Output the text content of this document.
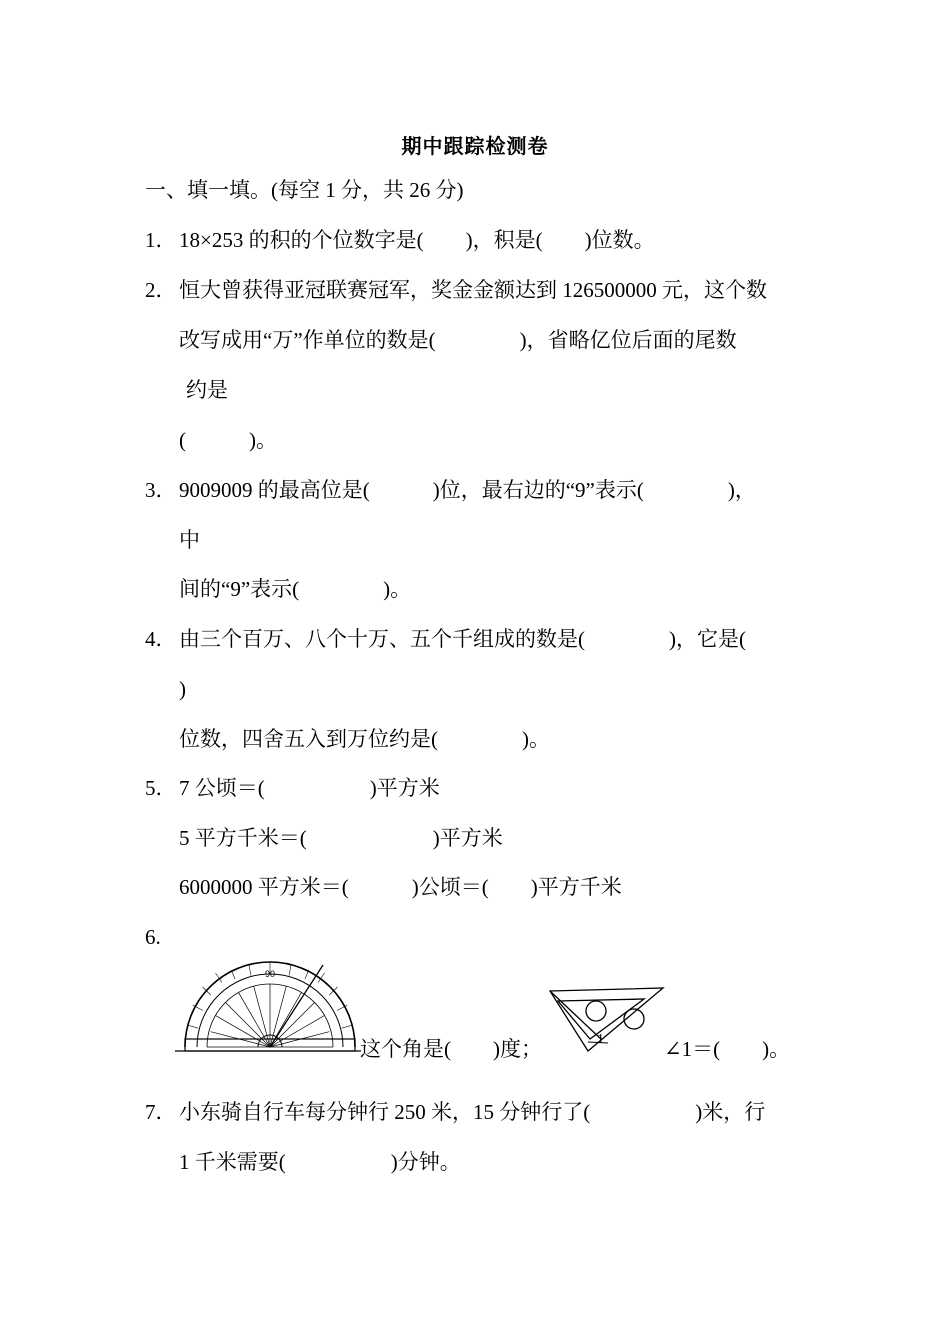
期中跟踪检测卷
一、填一填。(每空 1 分，共 26 分)
1． 18×253 的积的个位数字是(　　)，积是(　　)位数。
2． 恒大曾获得亚冠联赛冠军，奖金金额达到 126500000 元，这个数
改写成用“万”作单位的数是(　　　　)，省略亿位后面的尾数
约是
(　　　)。
3． 9009009 的最高位是(　　　)位，最右边的“9”表示(　　　　)，
中
间的“9”表示(　　　　)。
4． 由三个百万、八个十万、五个千组成的数是(　　　　)，它是(
)
位数，四舍五入到万位约是(　　　　)。
5． 7 公顷＝(　　　　　)平方米
5 平方千米＝(　　　　　　)平方米
6000000 平方米＝(　　　)公顷＝(　　)平方千米
6.
90
这个角是(　　)度；	1	∠1＝(　　)。
7． 小东骑自行车每分钟行 250 米，15 分钟行了(　　　　　)米，行
1 千米需要(　　　　　)分钟。
